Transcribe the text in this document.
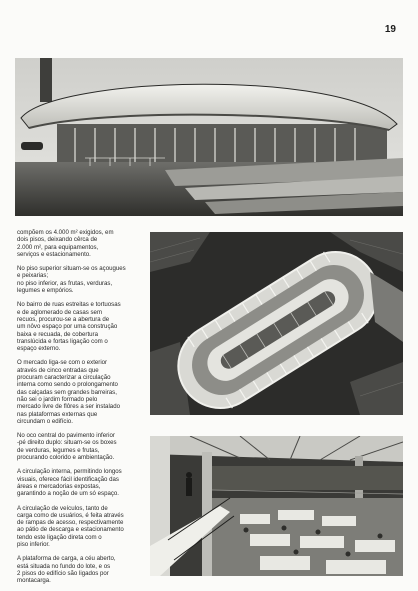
19

compõem os 4.000 m² exigidos, em
dois pisos, deixando cêrca de
2.000 m², para equipamentos,
serviços e estacionamento.

No piso superior situam-se os açougues
e peixarias;
no piso inferior, as frutas, verduras,
legumes e empórios.

No bairro de ruas estreitas e tortuosas
e de aglomerado de casas sem
recuos, procurou-se a abertura de
um nôvo espaço por uma construção
baixa e recuada, de cobertura
translúcida e fortas ligação com o
espaço externo.

O mercado liga-se com o exterior
através de cinco entradas que
procuram caracterizar a circulação
interna como sendo o prolongamento
das calçadas sem grandes barreiras,
não sei o jardim formado pelo
mercado livre de flôres a ser instalado
nas plataformas externas que
circundam o edifício.

No oco central do pavimento inferior
-pé direito duplo: situam-se os boxes
de verduras, legumes e frutas,
procurando colorido e ambientação.

A circulação interna, permitindo longos
visuais, oferece fácil identificação das
áreas e mercadorias expostas,
garantindo a noção de um só espaço.

A circulação de veículos, tanto de
carga como de usuários, é feita através
de rampas de acesso, respectivamente
ao pátio de descarga e estacionamento
tendo este ligação direta com o
piso inferior.

A plataforma de carga, a céu aberto,
está situada no fundo do lote, e os
2 pisos do edifício são ligados por
montacarga.
